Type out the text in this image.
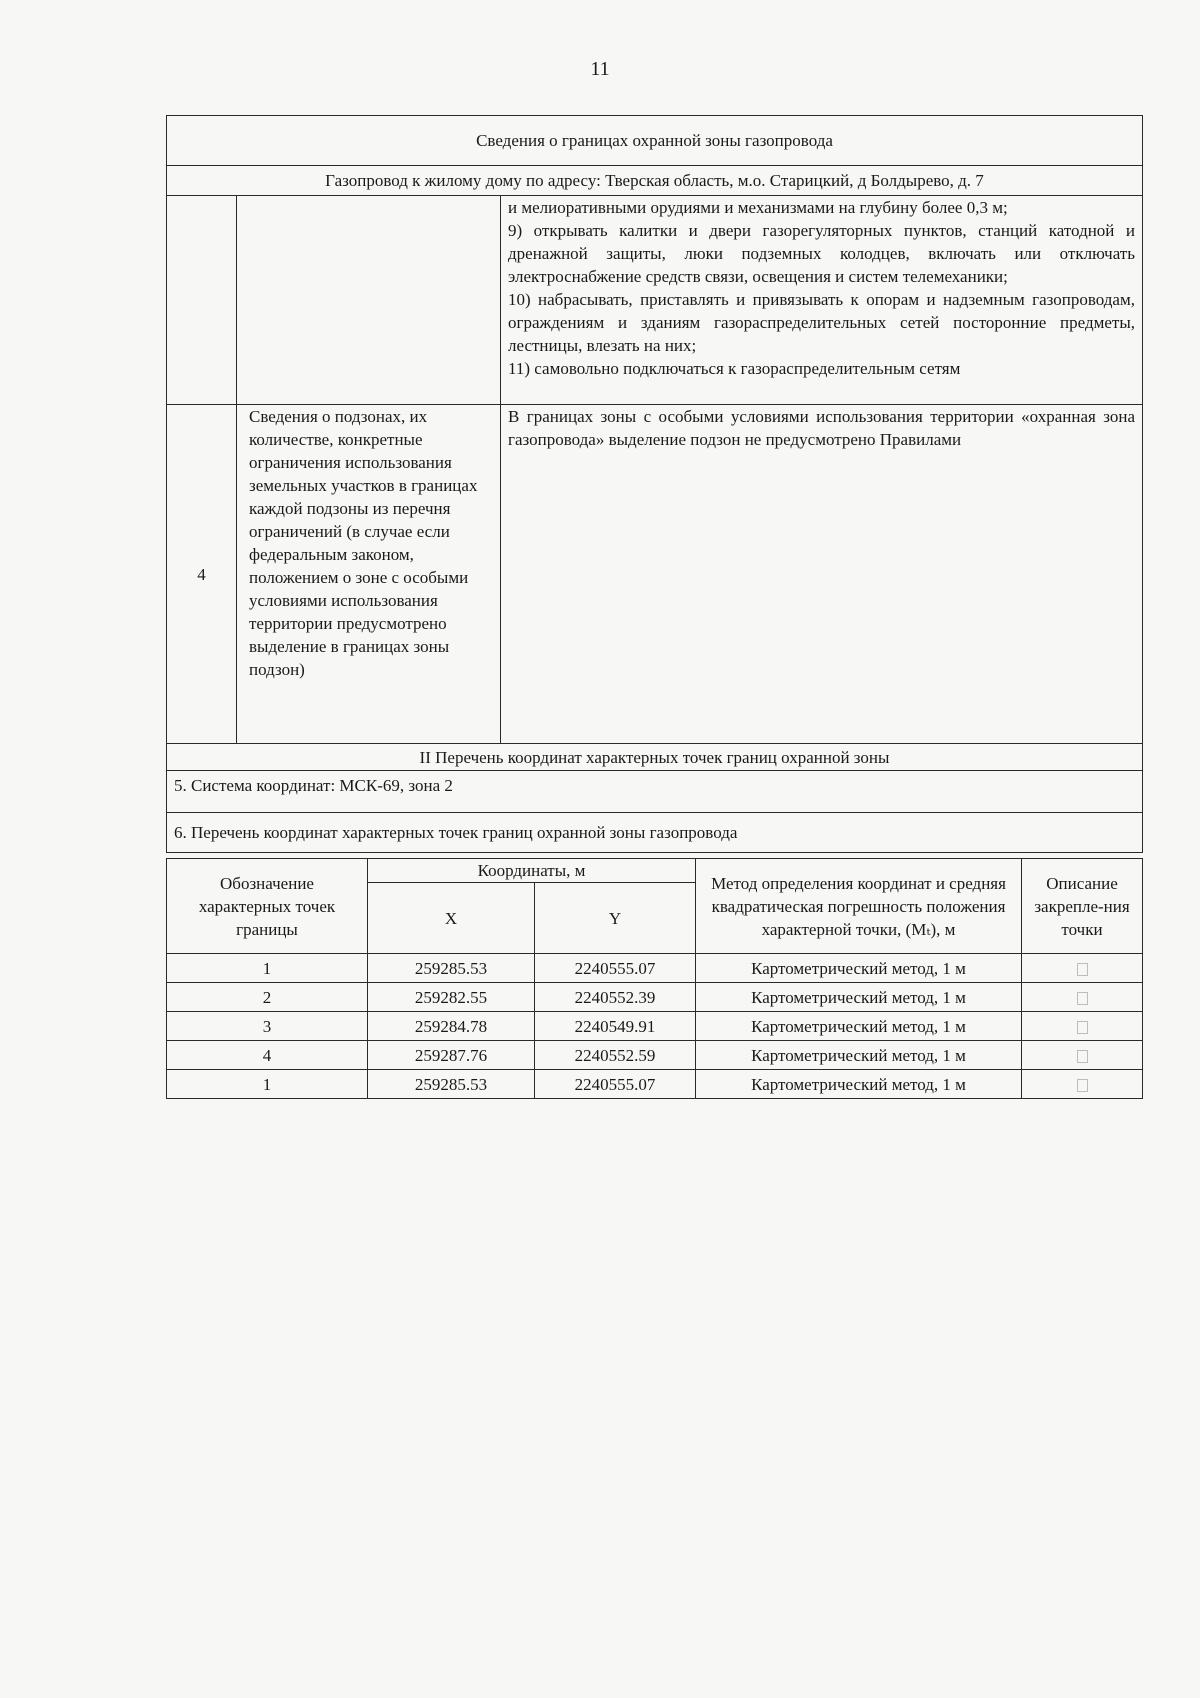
11
Сведения о границах охранной зоны газопровода		
Газопровод к жилому дому по адресу: Тверская область, м.о. Старицкий, д Болдырево, д. 7		

		и мелиоративными орудиями и механизмами на глубину более 0,3 м;
9) открывать калитки и двери газорегуляторных пунктов, станций катодной и дренажной защиты, люки подземных колодцев, включать или отключать электроснабжение средств связи, освещения и систем телемеханики;
10) набрасывать, приставлять и привязывать к опорам и надземным газопроводам, ограждениям и зданиям газораспределительных сетей посторонние предметы, лестницы, влезать на них;
11) самовольно подключаться к газораспределительным сетям

4	Сведения о подзонах, их количестве, конкретные ограничения использования земельных участков в границах каждой подзоны из перечня ограничений (в случае если федеральным законом, положением о зоне с особыми условиями использования территории предусмотрено выделение в границах зоны подзон)	В границах зоны с особыми условиями использования территории «охранная зона газопровода» выделение подзон не предусмотрено Правилами
II Перечень координат характерных точек границ охранной зоны		
5. Система координат: МСК-69, зона 2		
6. Перечень координат характерных точек границ охранной зоны газопровода		
Обозначение характерных точек границы	Координаты, м		Метод определения координат и средняя квадратическая погрешность положения характерной точки, (Mₜ), м	Описание закрепле-ния точки
	X	Y		
1	259285.53	2240555.07	Картометрический метод, 1 м	
2	259282.55	2240552.39	Картометрический метод, 1 м	
3	259284.78	2240549.91	Картометрический метод, 1 м	
4	259287.76	2240552.59	Картометрический метод, 1 м	
1	259285.53	2240555.07	Картометрический метод, 1 м	
